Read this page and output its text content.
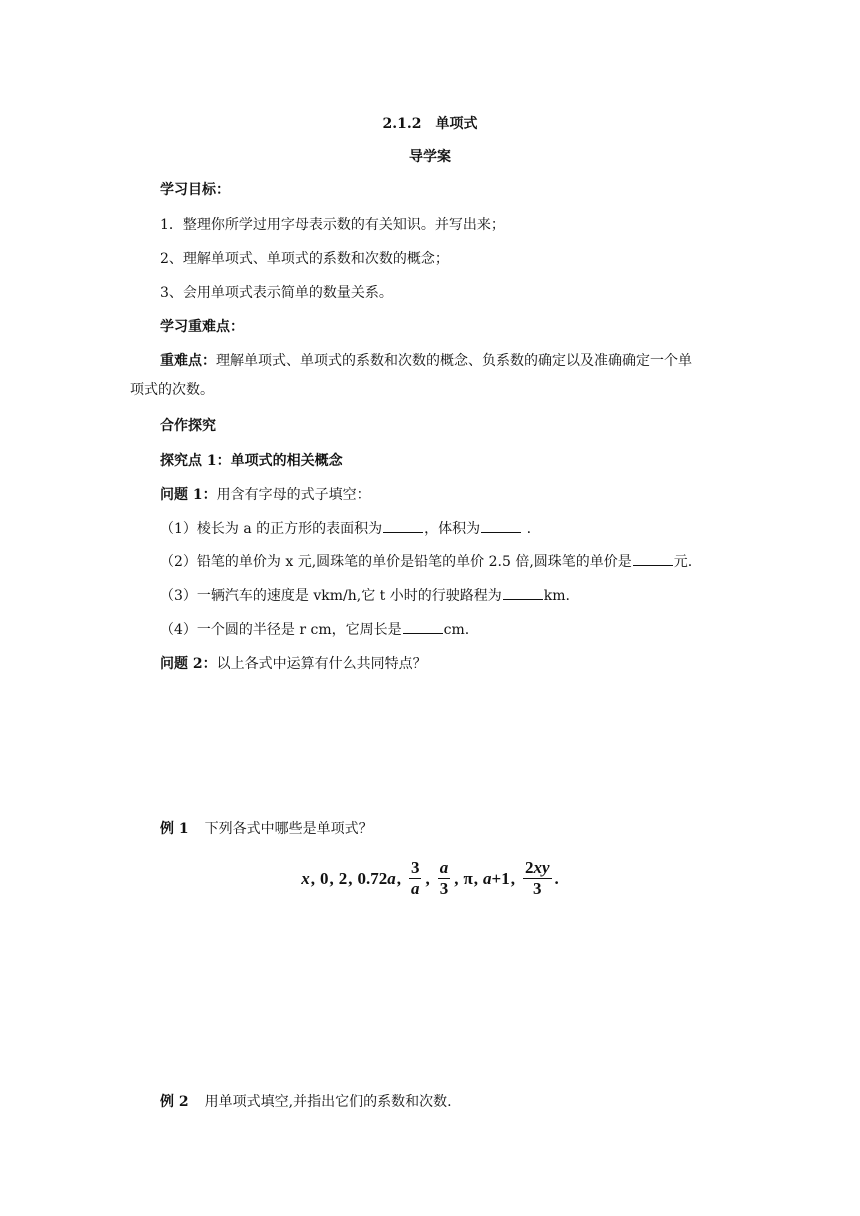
2.1.2　单项式
导学案
学习目标：
1．整理你所学过用字母表示数的有关知识。并写出来；
2、理解单项式、单项式的系数和次数的概念；
3、会用单项式表示简单的数量关系。
学习重难点：
重难点：理解单项式、单项式的系数和次数的概念、负系数的确定以及准确确定一个单
项式的次数。
合作探究
探究点 1：单项式的相关概念
问题 1：用含有字母的式子填空：
（1）棱长为 a 的正方形的表面积为	，体积为	.
（2）铅笔的单价为 x 元,圆珠笔的单价是铅笔的单价 2.5 倍,圆珠笔的单价是	元.
（3）一辆汽车的速度是 vkm/h,它 t 小时的行驶路程为	km.
（4）一个圆的半径是 r cm，它周长是	cm.
问题 2：以上各式中运算有什么共同特点？
例 1 下列各式中哪些是单项式？
x , 0 , 2 , 0.72 a , $\frac{3}{a}$ , $\frac{a}{3}$ , π , a +1 , $\frac{2xy}{3}$ .
例 2 用单项式填空,并指出它们的系数和次数.
